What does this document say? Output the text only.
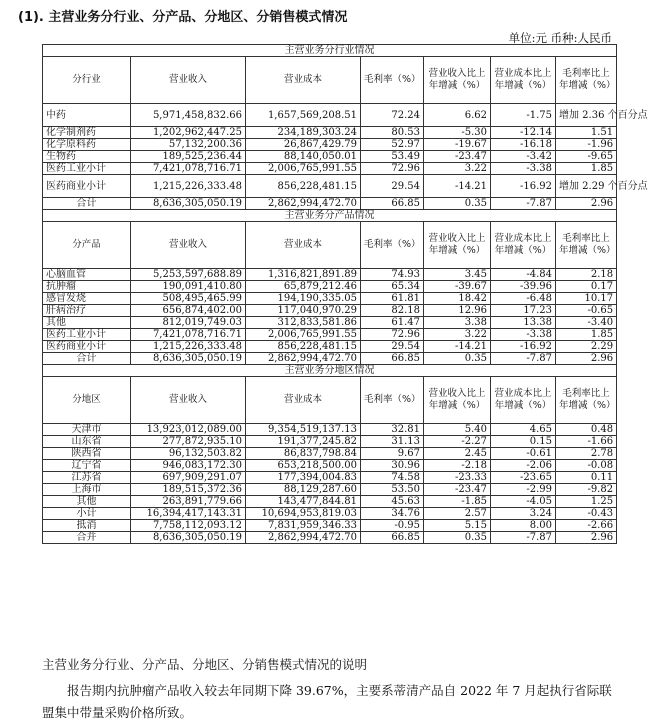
(1). 主营业务分行业、分产品、分地区、分销售模式情况
单位:元 币种:人民币
主营业务分行业情况						
分行业	营业收入	营业成本	毛利率（%）	营业收入比上年增减（%）	营业成本比上年增减（%）	毛利率比上年增减（%）
中药	5,971,458,832.66	1,657,569,208.51	72.24	6.62	-1.75	增加 2.36 个百分点
化学制剂药	1,202,962,447.25	234,189,303.24	80.53	-5.30	-12.14	1.51
化学原料药	57,132,200.36	26,867,429.79	52.97	-19.67	-16.18	-1.96
生物药	189,525,236.44	88,140,050.01	53.49	-23.47	-3.42	-9.65
医药工业小计	7,421,078,716.71	2,006,765,991.55	72.96	3.22	-3.38	1.85
医药商业小计	1,215,226,333.48	856,228,481.15	29.54	-14.21	-16.92	增加 2.29 个百分点
合计	8,636,305,050.19	2,862,994,472.70	66.85	0.35	-7.87	2.96
主营业务分产品情况						
分产品	营业收入	营业成本	毛利率（%）	营业收入比上年增减（%）	营业成本比上年增减（%）	毛利率比上年增减（%）
心脑血管	5,253,597,688.89	1,316,821,891.89	74.93	3.45	-4.84	2.18
抗肿瘤	190,091,410.80	65,879,212.46	65.34	-39.67	-39.96	0.17
感冒发烧	508,495,465.99	194,190,335.05	61.81	18.42	-6.48	10.17
肝病治疗	656,874,402.00	117,040,970.29	82.18	12.96	17.23	-0.65
其他	812,019,749.03	312,833,581.86	61.47	3.38	13.38	-3.40
医药工业小计	7,421,078,716.71	2,006,765,991.55	72.96	3.22	-3.38	1.85
医药商业小计	1,215,226,333.48	856,228,481.15	29.54	-14.21	-16.92	2.29
合计	8,636,305,050.19	2,862,994,472.70	66.85	0.35	-7.87	2.96
主营业务分地区情况						
分地区	营业收入	营业成本	毛利率（%）	营业收入比上年增减（%）	营业成本比上年增减（%）	毛利率比上年增减（%）
天津市	13,923,012,089.00	9,354,519,137.13	32.81	5.40	4.65	0.48
山东省	277,872,935.10	191,377,245.82	31.13	-2.27	0.15	-1.66
陕西省	96,132,503.82	86,837,798.84	9.67	2.45	-0.61	2.78
辽宁省	946,083,172.30	653,218,500.00	30.96	-2.18	-2.06	-0.08
江苏省	697,909,291.07	177,394,004.83	74.58	-23.33	-23.65	0.11
上海市	189,515,372.36	88,129,287.60	53.50	-23.47	-2.99	-9.82
其他	263,891,779.66	143,477,844.81	45.63	-1.85	-4.05	1.25
小计	16,394,417,143.31	10,694,953,819.03	34.76	2.57	3.24	-0.43
抵消	7,758,112,093.12	7,831,959,346.33	-0.95	5.15	8.00	-2.66
合并	8,636,305,050.19	2,862,994,472.70	66.85	0.35	-7.87	2.96
主营业务分行业、分产品、分地区、分销售模式情况的说明
报告期内抗肿瘤产品收入较去年同期下降 39.67%，主要系蒂清产品自 2022 年 7 月起执行省际联盟集中带量采购价格所致。
